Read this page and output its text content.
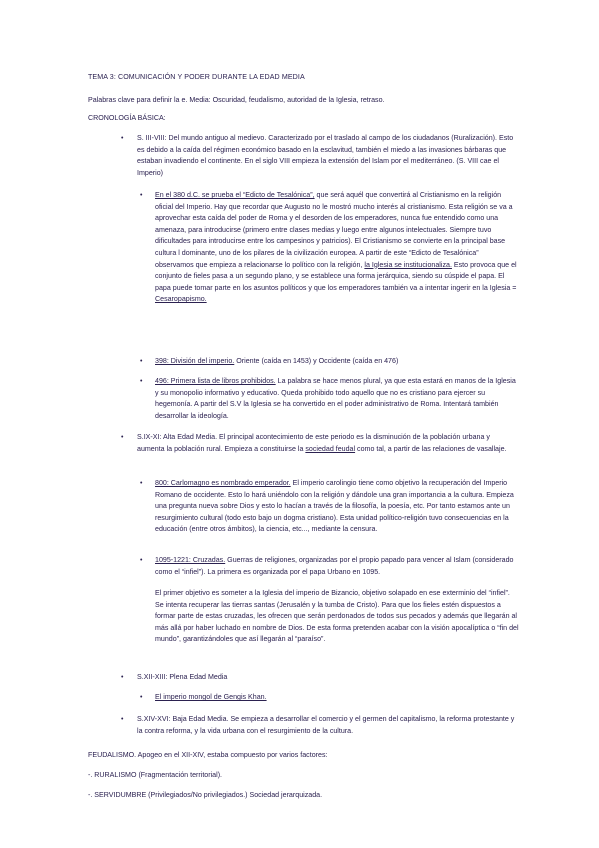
TEMA 3: COMUNICACIÓN Y PODER DURANTE LA EDAD MEDIA

Palabras clave para definir la e. Media: Oscuridad, feudalismo, autoridad de la Iglesia, retraso.

CRONOLOGÍA BÁSICA:

• S. III-VIII: Del mundo antiguo al medievo. Caracterizado por el traslado al campo de los ciudadanos (Ruralización). Esto es debido a la caída del régimen económico basado en la esclavitud, también el miedo a las invasiones bárbaras que estaban invadiendo el continente. En el siglo VIII empieza la extensión del Islam por el mediterráneo. (S. VIII cae el Imperio)

• En el 380 d.C. se prueba el “Edicto de Tesalónica”, que será aquél que convertirá al Cristianismo en la religión oficial del Imperio. Hay que recordar que Augusto no le mostró mucho interés al cristianismo. Esta religión se va a aprovechar esta caída del poder de Roma y el desorden de los emperadores, nunca fue entendido como una amenaza, para introducirse (primero entre clases medias y luego entre algunos intelectuales. Siempre tuvo dificultades para introducirse entre los campesinos y patricios). El Cristianismo se convierte en la principal base cultura l dominante, uno de los pilares de la civilización europea. A partir de este “Edicto de Tesalónica” observamos que empieza a relacionarse lo político con la religión, la Iglesia se institucionaliza. Esto provoca que el conjunto de fieles pasa a un segundo plano, y se establece una forma jerárquica, siendo su cúspide el papa. El papa puede tomar parte en los asuntos políticos y que los emperadores también va a intentar ingerir en la Iglesia = Cesaropapismo.

• 398: División del imperio. Oriente (caída en 1453) y Occidente (caída en 476)

• 496: Primera lista de libros prohibidos. La palabra se hace menos plural, ya que esta estará en manos de la Iglesia y su monopolio informativo y educativo. Queda prohibido todo aquello que no es cristiano para ejercer su hegemonía. A partir del S.V la Iglesia se ha convertido en el poder administrativo de Roma. Intentará también desarrollar la ideología.

• S.IX-XI: Alta Edad Media. El principal acontecimiento de este periodo es la disminución de la población urbana y aumenta la población rural. Empieza a constituirse la sociedad feudal como tal, a partir de las relaciones de vasallaje.

• 800: Carlomagno es nombrado emperador. El imperio carolingio tiene como objetivo la recuperación del Imperio Romano de occidente. Esto lo hará uniéndolo con la religión y dándole una gran importancia a la cultura. Empieza una pregunta nueva sobre Dios y esto lo hacían a través de la filosofía, la poesía, etc. Por tanto estamos ante un resurgimiento cultural (todo esto bajo un dogma cristiano). Esta unidad político-religión tuvo consecuencias en la educación (entre otros ámbitos), la ciencia, etc..., mediante la censura.

• 1095-1221: Cruzadas. Guerras de religiones, organizadas por el propio papado para vencer al Islam (considerado como el “infiel”). La primera es organizada por el papa Urbano en 1095.

El primer objetivo es someter a la Iglesia del imperio de Bizancio, objetivo solapado en ese exterminio del “infiel”. Se intenta recuperar las tierras santas (Jerusalén y la tumba de Cristo). Para que los fieles estén dispuestos a formar parte de estas cruzadas, les ofrecen que serán perdonados de todos sus pecados y además que llegarán al más allá por haber luchado en nombre de Dios. De esta forma pretenden acabar con la visión apocalíptica o “fin del mundo”, garantizándoles que así llegarán al “paraíso”.

• S.XII-XIII: Plena Edad Media

• El imperio mongol de Gengis Khan.

• S.XIV-XVI: Baja Edad Media. Se empieza a desarrollar el comercio y el germen del capitalismo, la reforma protestante y la contra reforma, y la vida urbana con el resurgimiento de la cultura.

FEUDALISMO. Apogeo en el XII-XIV, estaba compuesto por varios factores:

-. RURALISMO (Fragmentación territorial).

-. SERVIDUMBRE (Privilegiados/No privilegiados.) Sociedad jerarquizada.
